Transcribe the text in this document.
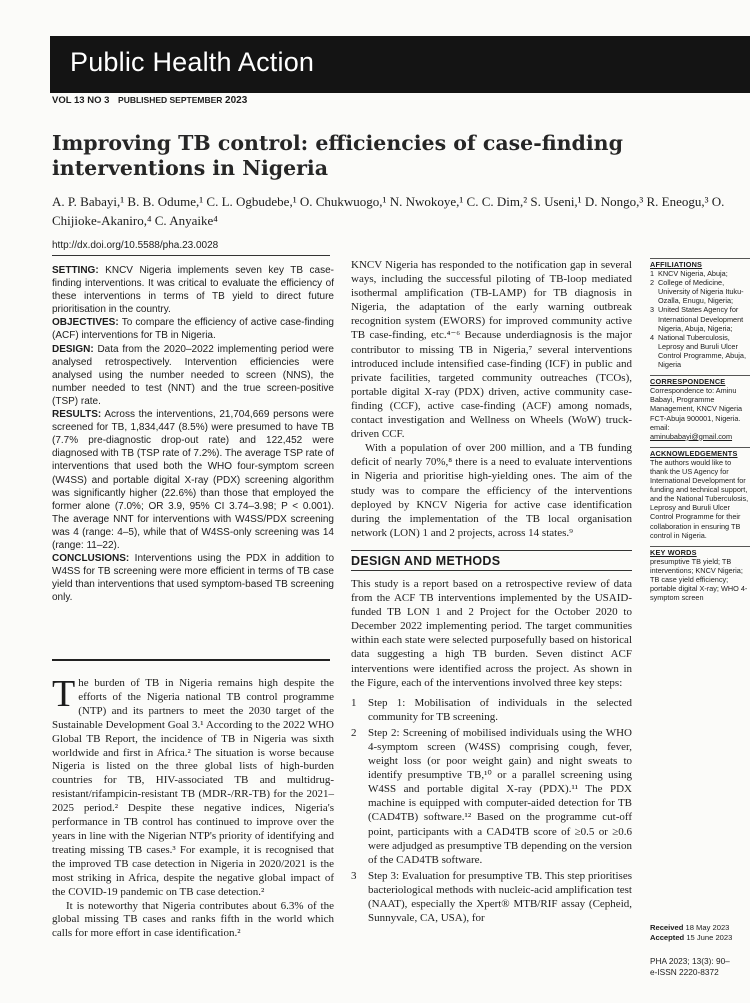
Public Health Action
VOL 13 NO 3 PUBLISHED SEPTEMBER 2023
Improving TB control: efficiencies of case-finding interventions in Nigeria

A. P. Babayi,¹ B. B. Odume,¹ C. L. Ogbudebe,¹ O. Chukwuogo,¹ N. Nwokoye,¹ C. C. Dim,² S. Useni,¹ D. Nongo,³ R. Eneogu,³ O. Chijioke-Akaniro,⁴ C. Anyaike⁴

http://dx.doi.org/10.5588/pha.23.0028

SETTING: KNCV Nigeria implements seven key TB case-finding interventions. It was critical to evaluate the efficiency of these interventions in terms of TB yield to direct future prioritisation in the country.

OBJECTIVES: To compare the efficiency of active case-finding (ACF) interventions for TB in Nigeria.

DESIGN: Data from the 2020–2022 implementing period were analysed retrospectively. Intervention efficiencies were analysed using the number needed to screen (NNS), the number needed to test (NNT) and the true screen-positive (TSP) rate.

RESULTS: Across the interventions, 21,704,669 persons were screened for TB, 1,834,447 (8.5%) were presumed to have TB (7.7% pre-diagnostic drop-out rate) and 122,452 were diagnosed with TB (TSP rate of 7.2%). The average TSP rate of interventions that used both the WHO four-symptom screen (W4SS) and portable digital X-ray (PDX) screening algorithm was significantly higher (22.6%) than those that employed the former alone (7.0%; OR 3.9, 95% CI 3.74–3.98; P < 0.001). The average NNT for interventions with W4SS/PDX screening was 4 (range: 4–5), while that of W4SS-only screening was 14 (range: 11–22).

CONCLUSIONS: Interventions using the PDX in addition to W4SS for TB screening were more efficient in terms of TB case yield than interventions that used symptom-based TB screening only.

The burden of TB in Nigeria remains high despite the efforts of the Nigeria national TB control programme (NTP) and its partners to meet the 2030 target of the Sustainable Development Goal 3.¹ According to the 2022 WHO Global TB Report, the incidence of TB in Nigeria was sixth worldwide and first in Africa.² The situation is worse because Nigeria is listed on the three global lists of high-burden countries for TB, HIV-associated TB and multidrug-resistant/rifampicin-resistant TB (MDR-/RR-TB) for the 2021–2025 period.² Despite these negative indices, Nigeria's performance in TB control has continued to improve over the years in line with the Nigerian NTP's priority of identifying and treating missing TB cases.³ For example, it is recognised that the improved TB case detection in Nigeria in 2020/2021 is the most striking in Africa, despite the negative global impact of the COVID-19 pandemic on TB case detection.²

It is noteworthy that Nigeria contributes about 6.3% of the global missing TB cases and ranks fifth in the world which calls for more effort in case identification.²

KNCV Nigeria has responded to the notification gap in several ways, including the successful piloting of TB-loop mediated isothermal amplification (TB-LAMP) for TB diagnosis in Nigeria, the adaptation of the early warning outbreak recognition system (EWORS) for improved community active TB case-finding, etc.⁴⁻⁶ Because underdiagnosis is the major contributor to missing TB in Nigeria,⁷ several interventions introduced include intensified case-finding (ICF) in public and private facilities, targeted community outreaches (TCOs), portable digital X-ray (PDX) driven, active community case-finding (CCF), active case-finding (ACF) among nomads, contact investigation and Wellness on Wheels (WoW) truck-driven CCF.

With a population of over 200 million, and a TB funding deficit of nearly 70%,⁸ there is a need to evaluate interventions in Nigeria and prioritise high-yielding ones. The aim of the study was to compare the efficiency of the interventions deployed by KNCV Nigeria for active case identification during the implementation of the TB local organisation network (LON) 1 and 2 projects, across 14 states.⁹

DESIGN AND METHODS

This study is a report based on a retrospective review of data from the ACF TB interventions implemented by the USAID-funded TB LON 1 and 2 Project for the October 2020 to December 2022 implementing period. The target communities within each state were selected purposefully based on historical data suggesting a high TB burden. Seven distinct ACF interventions were identified across the project. As shown in the Figure, each of the interventions involved three key steps:

1 Step 1: Mobilisation of individuals in the selected community for TB screening.
2 Step 2: Screening of mobilised individuals using the WHO 4-symptom screen (W4SS) comprising cough, fever, weight loss (or poor weight gain) and night sweats to identify presumptive TB,¹⁰ or a parallel screening using W4SS and portable digital X-ray (PDX).¹¹ The PDX machine is equipped with computer-aided detection for TB (CAD4TB) software.¹² Based on the programme cut-off point, participants with a CAD4TB score of ≥0.5 or ≥0.6 were adjudged as presumptive TB depending on the version of the CAD4TB software.
3 Step 3: Evaluation for presumptive TB. This step prioritises bacteriological methods with nucleic-acid amplification test (NAAT), especially the Xpert® MTB/RIF assay (Cepheid, Sunnyvale, CA, USA), for

AFFILIATIONS

1 KNCV Nigeria, Abuja;
2 College of Medicine, University of Nigeria Ituku-Ozalla, Enugu, Nigeria;
3 United States Agency for International Development Nigeria, Abuja, Nigeria;
4 National Tuberculosis, Leprosy and Buruli Ulcer Control Programme, Abuja, Nigeria

CORRESPONDENCE

Correspondence to: Aminu Babayi, Programme Management, KNCV Nigeria FCT-Abuja 900001, Nigeria. email: aminubabayi@gmail.com

ACKNOWLEDGEMENTS

The authors would like to thank the US Agency for International Development for funding and technical support, and the National Tuberculosis, Leprosy and Buruli Ulcer Control Programme for their collaboration in ensuring TB control in Nigeria.

KEY WORDS

presumptive TB yield; TB interventions; KNCV Nigeria; TB case yield efficiency; portable digital X-ray; WHO 4-symptom screen

Received 18 May 2023
Accepted 15 June 2023
PHA 2023; 13(3): 90–
e-ISSN 2220-8372
